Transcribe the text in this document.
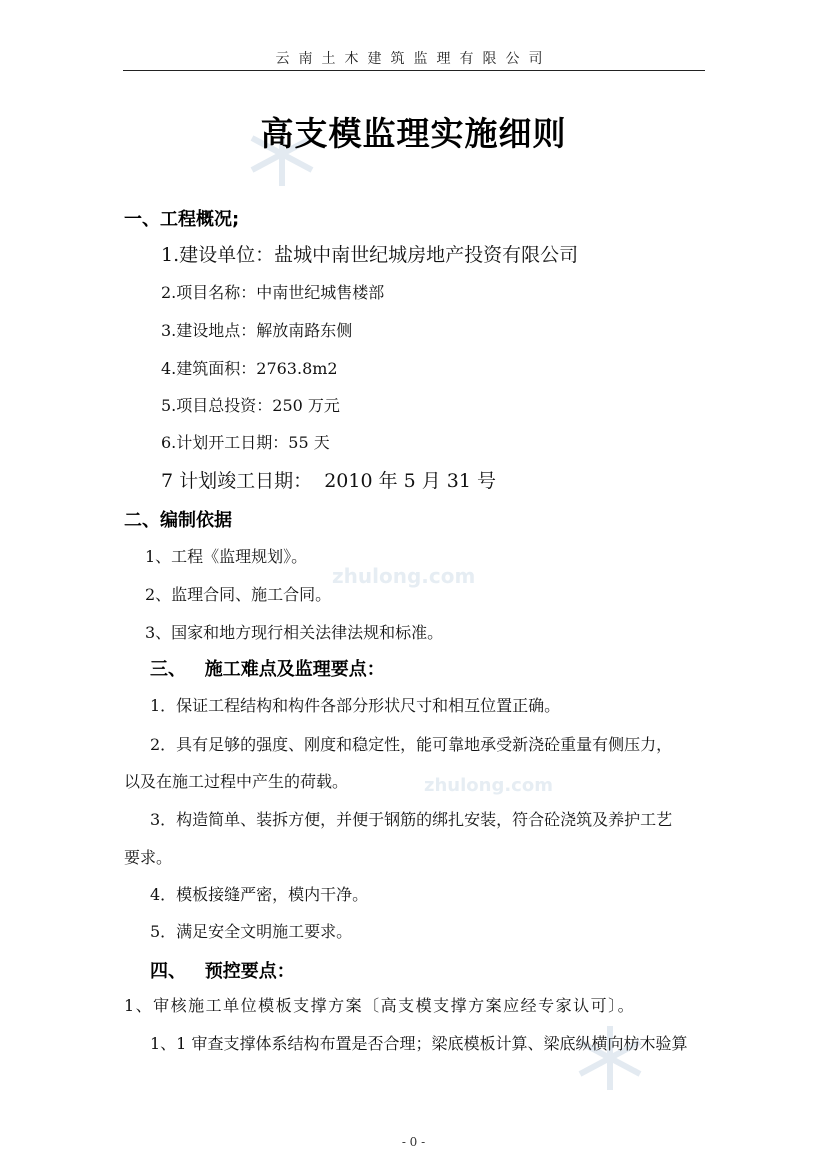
zhulong.com
zhulong.com
云南土木建筑监理有限公司
高支模监理实施细则
一、工程概况;
1.建设单位：盐城中南世纪城房地产投资有限公司
2.项目名称：中南世纪城售楼部
3.建设地点：解放南路东侧
4.建筑面积：2763.8m2
5.项目总投资：250 万元
6.计划开工日期：55 天
7 计划竣工日期：  2010 年 5 月 31 号
二、编制依据
1、工程《监理规划》。
2、监理合同、施工合同。
3、国家和地方现行相关法律法规和标准。
三、   施工难点及监理要点：
1．保证工程结构和构件各部分形状尺寸和相互位置正确。
2．具有足够的强度、刚度和稳定性，能可靠地承受新浇砼重量有侧压力，
以及在施工过程中产生的荷载。
3．构造简单、装拆方便，并便于钢筋的绑扎安装，符合砼浇筑及养护工艺
要求。
4．模板接缝严密，模内干净。
5．满足安全文明施工要求。
四、   预控要点：
1、审核施工单位模板支撑方案〔高支模支撑方案应经专家认可〕。
1、1 审查支撑体系结构布置是否合理；梁底模板计算、梁底纵横向枋木验算
- 0 -
